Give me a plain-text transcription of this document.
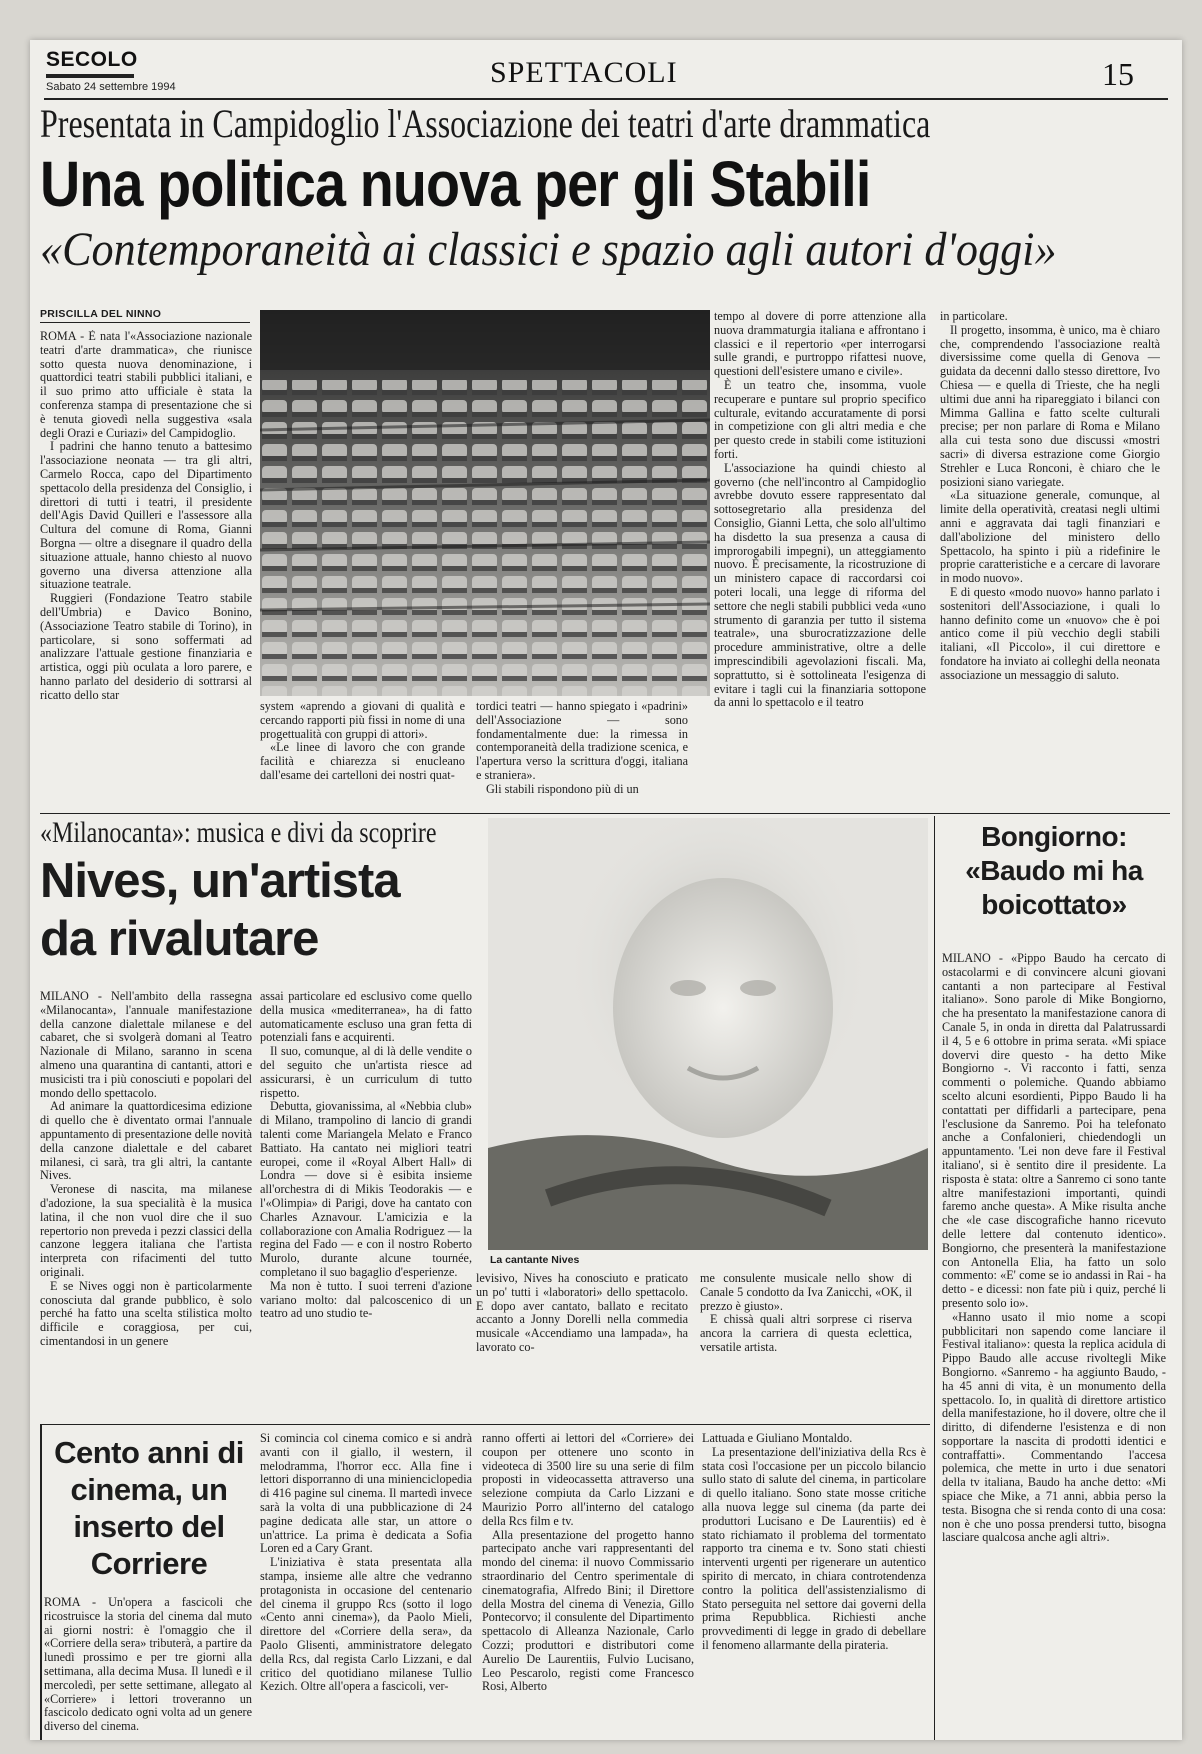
SECOLO
Sabato 24 settembre 1994	SPETTACOLI	15
Presentata in Campidoglio l'Associazione dei teatri d'arte drammatica
Una politica nuova per gli Stabili
«Contemporaneità ai classici e spazio agli autori d'oggi»
PRISCILLA DEL NINNO

ROMA - È nata l'«Associazione nazionale teatri d'arte drammatica», che riunisce sotto questa nuova denominazione, i quattordici teatri stabili pubblici italiani, e il suo primo atto ufficiale è stata la conferenza stampa di presentazione che si è tenuta giovedì nella suggestiva «sala degli Orazi e Curiazi» del Campidoglio.

I padrini che hanno tenuto a battesimo l'associazione neonata — tra gli altri, Carmelo Rocca, capo del Dipartimento spettacolo della presidenza del Consiglio, i direttori di tutti i teatri, il presidente dell'Agis David Quilleri e l'assessore alla Cultura del comune di Roma, Gianni Borgna — oltre a disegnare il quadro della situazione attuale, hanno chiesto al nuovo governo una diversa attenzione alla situazione teatrale.

Ruggieri (Fondazione Teatro stabile dell'Umbria) e Davico Bonino, (Associazione Teatro stabile di Torino), in particolare, si sono soffermati ad analizzare l'attuale gestione finanziaria e artistica, oggi più oculata a loro parere, e hanno parlato del desiderio di sottrarsi al ricatto dello star

system «aprendo a giovani di qualità e cercando rapporti più fissi in nome di una progettualità con gruppi di attori».

«Le linee di lavoro che con grande facilità e chiarezza si enucleano dall'esame dei cartelloni dei nostri quat-

tordici teatri — hanno spiegato i «padrini» dell'Associazione — sono fondamentalmente due: la rimessa in contemporaneità della tradizione scenica, e l'apertura verso la scrittura d'oggi, italiana e straniera».

Gli stabili rispondono più di un

tempo al dovere di porre attenzione alla nuova drammaturgia italiana e affrontano i classici e il repertorio «per interrogarsi sulle grandi, e purtroppo rifattesi nuove, questioni dell'esistere umano e civile».

È un teatro che, insomma, vuole recuperare e puntare sul proprio specifico culturale, evitando accuratamente di porsi in competizione con gli altri media e che per questo crede in stabili come istituzioni forti.

L'associazione ha quindi chiesto al governo (che nell'incontro al Campidoglio avrebbe dovuto essere rappresentato dal sottosegretario alla presidenza del Consiglio, Gianni Letta, che solo all'ultimo ha disdetto la sua presenza a causa di improrogabili impegni), un atteggiamento nuovo. È precisamente, la ricostruzione di un ministero capace di raccordarsi coi poteri locali, una legge di riforma del settore che negli stabili pubblici veda «uno strumento di garanzia per tutto il sistema teatrale», una sburocratizzazione delle procedure amministrative, oltre a delle imprescindibili agevolazioni fiscali. Ma, soprattutto, si è sottolineata l'esigenza di evitare i tagli cui la finanziaria sottopone da anni lo spettacolo e il teatro

in particolare.

Il progetto, insomma, è unico, ma è chiaro che, comprendendo l'associazione realtà diversissime come quella di Genova — guidata da decenni dallo stesso direttore, Ivo Chiesa — e quella di Trieste, che ha negli ultimi due anni ha ripareggiato i bilanci con Mimma Gallina e fatto scelte culturali precise; per non parlare di Roma e Milano alla cui testa sono due discussi «mostri sacri» di diversa estrazione come Giorgio Strehler e Luca Ronconi, è chiaro che le posizioni siano variegate.

«La situazione generale, comunque, al limite della operatività, creatasi negli ultimi anni e aggravata dai tagli finanziari e dall'abolizione del ministero dello Spettacolo, ha spinto i più a ridefinire le proprie caratteristiche e a cercare di lavorare in modo nuovo».

E di questo «modo nuovo» hanno parlato i sostenitori dell'Associazione, i quali lo hanno definito come un «nuovo» che è poi antico come il più vecchio degli stabili italiani, «Il Piccolo», il cui direttore e fondatore ha inviato ai colleghi della neonata associazione un messaggio di saluto.

«Milanocanta»: musica e divi da scoprire
Nives, un'artista
da rivalutare

MILANO - Nell'ambito della rassegna «Milanocanta», l'annuale manifestazione della canzone dialettale milanese e del cabaret, che si svolgerà domani al Teatro Nazionale di Milano, saranno in scena almeno una quarantina di cantanti, attori e musicisti tra i più conosciuti e popolari del mondo dello spettacolo.

Ad animare la quattordicesima edizione di quello che è diventato ormai l'annuale appuntamento di presentazione delle novità della canzone dialettale e del cabaret milanesi, ci sarà, tra gli altri, la cantante Nives.

Veronese di nascita, ma milanese d'adozione, la sua specialità è la musica latina, il che non vuol dire che il suo repertorio non preveda i pezzi classici della canzone leggera italiana che l'artista interpreta con rifacimenti del tutto originali.

E se Nives oggi non è particolarmente conosciuta dal grande pubblico, è solo perché ha fatto una scelta stilistica molto difficile e coraggiosa, per cui, cimentandosi in un genere

assai particolare ed esclusivo come quello della musica «mediterranea», ha di fatto automaticamente escluso una gran fetta di potenziali fans e acquirenti.

Il suo, comunque, al di là delle vendite o del seguito che un'artista riesce ad assicurarsi, è un curriculum di tutto rispetto.

Debutta, giovanissima, al «Nebbia club» di Milano, trampolino di lancio di grandi talenti come Mariangela Melato e Franco Battiato. Ha cantato nei migliori teatri europei, come il «Royal Albert Hall» di Londra — dove si è esibita insieme all'orchestra di di Mikis Teodorakis — e l'«Olimpia» di Parigi, dove ha cantato con Charles Aznavour. L'amicizia e la collaborazione con Amalia Rodriguez — la regina del Fado — e con il nostro Roberto Murolo, durante alcune tournée, completano il suo bagaglio d'esperienze.

Ma non è tutto. I suoi terreni d'azione variano molto: dal palcoscenico di un teatro ad uno studio te-

La cantante Nives

levisivo, Nives ha conosciuto e praticato un po' tutti i «laboratori» dello spettacolo. E dopo aver cantato, ballato e recitato accanto a Jonny Dorelli nella commedia musicale «Accendiamo una lampada», ha lavorato co-

me consulente musicale nello show di Canale 5 condotto da Iva Zanicchi, «OK, il prezzo è giusto».

E chissà quali altri sorprese ci riserva ancora la carriera di questa eclettica, versatile artista.

Bongiorno: «Baudo mi ha boicottato»

MILANO - «Pippo Baudo ha cercato di ostacolarmi e di convincere alcuni giovani cantanti a non partecipare al Festival italiano». Sono parole di Mike Bongiorno, che ha presentato la manifestazione canora di Canale 5, in onda in diretta dal Palatrussardi il 4, 5 e 6 ottobre in prima serata. «Mi spiace dovervi dire questo - ha detto Mike Bongiorno -. Vi racconto i fatti, senza commenti o polemiche. Quando abbiamo scelto alcuni esordienti, Pippo Baudo li ha contattati per diffidarli a partecipare, pena l'esclusione da Sanremo. Poi ha telefonato anche a Confalonieri, chiedendogli un appuntamento. 'Lei non deve fare il Festival italiano', si è sentito dire il presidente. La risposta è stata: oltre a Sanremo ci sono tante altre manifestazioni importanti, quindi faremo anche questa». A Mike risulta anche che «le case discografiche hanno ricevuto delle lettere dal contenuto identico». Bongiorno, che presenterà la manifestazione con Antonella Elia, ha fatto un solo commento: «E' come se io andassi in Rai - ha detto - e dicessi: non fate più i quiz, perché li presento solo io».

«Hanno usato il mio nome a scopi pubblicitari non sapendo come lanciare il Festival italiano»: questa la replica acidula di Pippo Baudo alle accuse rivoltegli Mike Bongiorno. «Sanremo - ha aggiunto Baudo, - ha 45 anni di vita, è un monumento della spettacolo. Io, in qualità di direttore artistico della manifestazione, ho il dovere, oltre che il diritto, di difenderne l'esistenza e di non sopportare la nascita di prodotti identici e contraffatti». Commentando l'accesa polemica, che mette in urto i due senatori della tv italiana, Baudo ha anche detto: «Mi spiace che Mike, a 71 anni, abbia perso la testa. Bisogna che si renda conto di una cosa: non è che uno possa prendersi tutto, bisogna lasciare qualcosa anche agli altri».

Cento anni di cinema, un inserto del Corriere

ROMA - Un'opera a fascicoli che ricostruisce la storia del cinema dal muto ai giorni nostri: è l'omaggio che il «Corriere della sera» tributerà, a partire da lunedì prossimo e per tre giorni alla settimana, alla decima Musa. Il lunedì e il mercoledì, per sette settimane, allegato al «Corriere» i lettori troveranno un fascicolo dedicato ogni volta ad un genere diverso del cinema.

Si comincia col cinema comico e si andrà avanti con il giallo, il western, il melodramma, l'horror ecc. Alla fine i lettori disporranno di una minienciclopedia di 416 pagine sul cinema. Il martedì invece sarà la volta di una pubblicazione di 24 pagine dedicata alle star, un attore o un'attrice. La prima è dedicata a Sofia Loren ed a Cary Grant.

L'iniziativa è stata presentata alla stampa, insieme alle altre che vedranno protagonista in occasione del centenario del cinema il gruppo Rcs (sotto il logo «Cento anni cinema»), da Paolo Mieli, direttore del «Corriere della sera», da Paolo Glisenti, amministratore delegato della Rcs, dal regista Carlo Lizzani, e dal critico del quotidiano milanese Tullio Kezich. Oltre all'opera a fascicoli, ver-

ranno offerti ai lettori del «Corriere» dei coupon per ottenere uno sconto in videoteca di 3500 lire su una serie di film proposti in videocassetta attraverso una selezione compiuta da Carlo Lizzani e Maurizio Porro all'interno del catalogo della Rcs film e tv.

Alla presentazione del progetto hanno partecipato anche vari rappresentanti del mondo del cinema: il nuovo Commissario straordinario del Centro sperimentale di cinematografia, Alfredo Bini; il Direttore della Mostra del cinema di Venezia, Gillo Pontecorvo; il consulente del Dipartimento spettacolo di Alleanza Nazionale, Carlo Cozzi; produttori e distributori come Aurelio De Laurentiis, Fulvio Lucisano, Leo Pescarolo, registi come Francesco Rosi, Alberto

Lattuada e Giuliano Montaldo.

La presentazione dell'iniziativa della Rcs è stata così l'occasione per un piccolo bilancio sullo stato di salute del cinema, in particolare di quello italiano. Sono state mosse critiche alla nuova legge sul cinema (da parte dei produttori Lucisano e De Laurentiis) ed è stato richiamato il problema del tormentato rapporto tra cinema e tv. Sono stati chiesti interventi urgenti per rigenerare un autentico spirito di mercato, in chiara controtendenza contro la politica dell'assistenzialismo di Stato perseguita nel settore dai governi della prima Repubblica. Richiesti anche provvedimenti di legge in grado di debellare il fenomeno allarmante della pirateria.
